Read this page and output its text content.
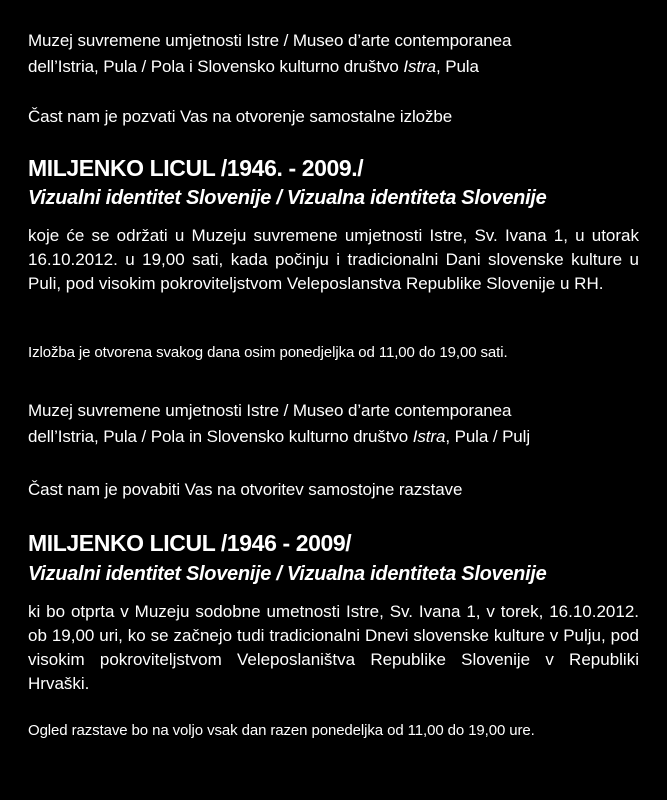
Muzej suvremene umjetnosti Istre / Museo d’arte contemporanea

dell’Istria, Pula / Pola i Slovensko kulturno društvo Istra, Pula

Čast nam je pozvati Vas na otvorenje samostalne izložbe

MILJENKO LICUL /1946. - 2009./
Vizualni identitet Slovenije / Vizualna identiteta Slovenije

koje će se održati u Muzeju suvremene umjetnosti Istre, Sv. Ivana 1, u utorak 16.10.2012. u 19,00 sati, kada počinju i tradicionalni Dani slovenske kulture u Puli, pod visokim pokroviteljstvom Veleposlanstva Republike Slovenije u RH.

Izložba je otvorena svakog dana osim ponedjeljka od 11,00 do 19,00 sati.

Muzej suvremene umjetnosti Istre / Museo d’arte contemporanea

dell’Istria, Pula / Pola in Slovensko kulturno društvo Istra, Pula / Pulj

Čast nam je povabiti Vas na otvoritev samostojne razstave

MILJENKO LICUL /1946 - 2009/
Vizualni identitet Slovenije / Vizualna identiteta Slovenije

ki bo otprta v Muzeju sodobne umetnosti Istre, Sv. Ivana 1, v torek, 16.10.2012. ob 19,00 uri, ko se začnejo tudi tradicionalni Dnevi slovenske kulture v Pulju, pod visokim pokroviteljstvom Veleposlaništva Republike Slovenije v Republiki Hrvaški.

Ogled razstave bo na voljo vsak dan razen ponedeljka od 11,00 do 19,00 ure.
